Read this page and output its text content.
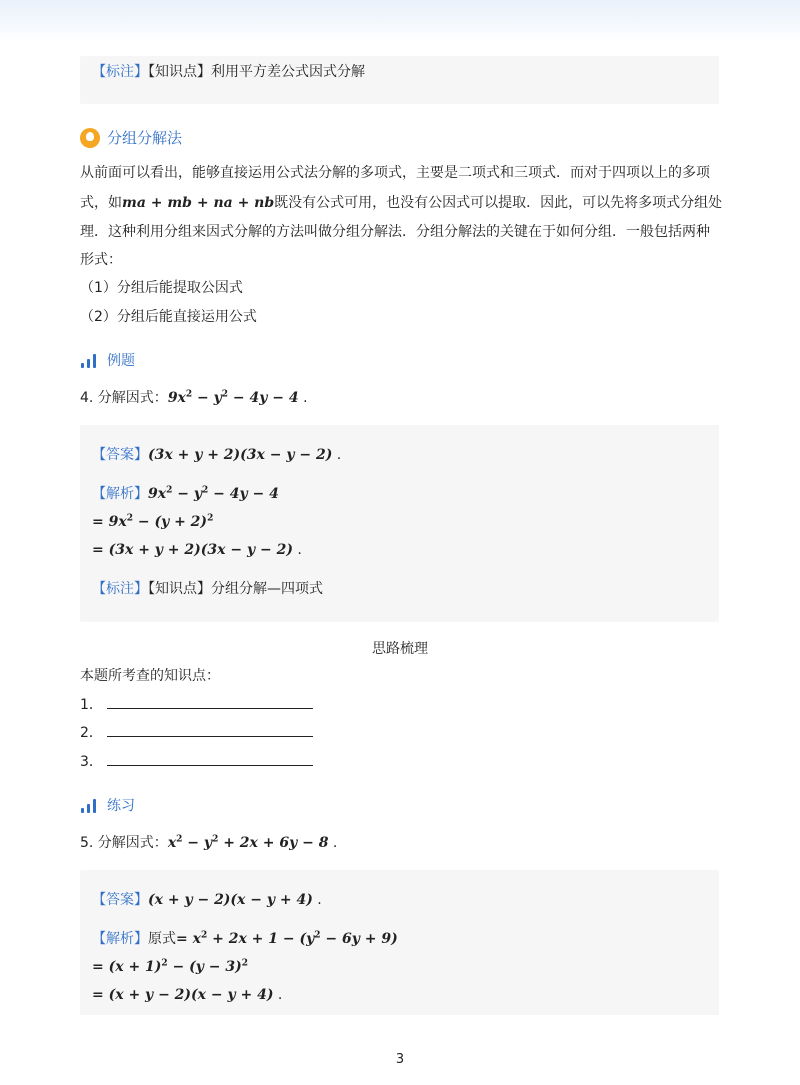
【标注】【知识点】利用平方差公式因式分解
分组分解法
从前面可以看出，能够直接运用公式法分解的多项式，主要是二项式和三项式．而对于四项以上的多项
式，如ma + mb + na + nb既没有公式可用，也没有公因式可以提取．因此，可以先将多项式分组处
理．这种利用分组来因式分解的方法叫做分组分解法．分组分解法的关键在于如何分组．一般包括两种
形式：
（1）分组后能提取公因式
（2）分组后能直接运用公式
例题
4. 分解因式：$9x^2 - y^2 - 4y - 4$ .
【答案】(3x + y + 2)(3x − y − 2) .
【解析】$9x^2 - y^2 - 4y - 4$
= $9x^2 - (y + 2)^2$
= (3x + y + 2)(3x − y − 2) .
【标注】【知识点】分组分解—四项式
思路梳理
本题所考查的知识点：
1．
2．
3．
练习
5. 分解因式：$x^2 - y^2 + 2x + 6y - 8$ .
【答案】(x + y − 2)(x − y + 4) .
【解析】原式= $x^2 + 2x + 1 - (y^2 - 6y + 9)$
= $(x + 1)^2 - (y - 3)^2$
= (x + y − 2)(x − y + 4) .
3
